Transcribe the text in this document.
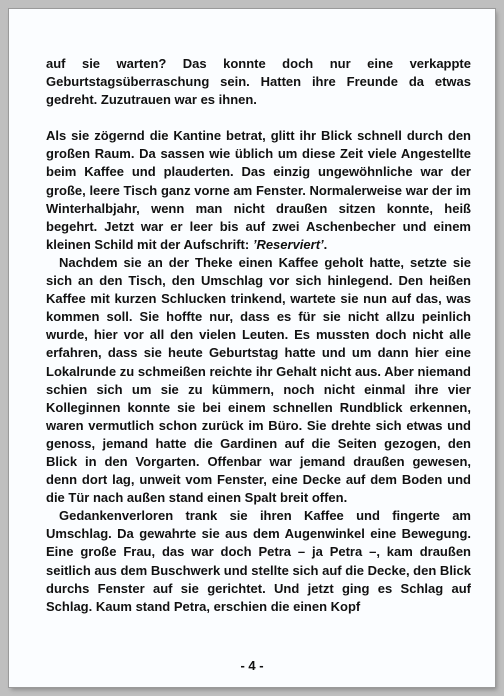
auf sie warten? Das konnte doch nur eine verkappte Geburtstagsüberraschung sein. Hatten ihre Freunde da etwas gedreht. Zuzutrauen war es ihnen.

Als sie zögernd die Kantine betrat, glitt ihr Blick schnell durch den großen Raum. Da sassen wie üblich um diese Zeit viele Angestellte beim Kaffee und plauderten. Das einzig ungewöhnliche war der große, leere Tisch ganz vorne am Fenster. Normalerweise war der im Winterhalbjahr, wenn man nicht draußen sitzen konnte, heiß begehrt. Jetzt war er leer bis auf zwei Aschenbecher und einem kleinen Schild mit der Aufschrift: ’Reserviert’.

Nachdem sie an der Theke einen Kaffee geholt hatte, setzte sie sich an den Tisch, den Umschlag vor sich hinlegend. Den heißen Kaffee mit kurzen Schlucken trinkend, wartete sie nun auf das, was kommen soll. Sie hoffte nur, dass es für sie nicht allzu peinlich wurde, hier vor all den vielen Leuten. Es mussten doch nicht alle erfahren, dass sie heute Geburtstag hatte und um dann hier eine Lokalrunde zu schmeißen reichte ihr Gehalt nicht aus. Aber niemand schien sich um sie zu kümmern, noch nicht einmal ihre vier Kolleginnen konnte sie bei einem schnellen Rundblick erkennen, waren vermutlich schon zurück im Büro. Sie drehte sich etwas und genoss, jemand hatte die Gardinen auf die Seiten gezogen, den Blick in den Vorgarten. Offenbar war jemand draußen gewesen, denn dort lag, unweit vom Fenster, eine Decke auf dem Boden und die Tür nach außen stand einen Spalt breit offen.

Gedankenverloren trank sie ihren Kaffee und fingerte am Umschlag. Da gewahrte sie aus dem Augenwinkel eine Bewegung. Eine große Frau, das war doch Petra – ja Petra –, kam draußen seitlich aus dem Buschwerk und stellte sich auf die Decke, den Blick durchs Fenster auf sie gerichtet. Und jetzt ging es Schlag auf Schlag. Kaum stand Petra, erschien die einen Kopf

- 4 -
